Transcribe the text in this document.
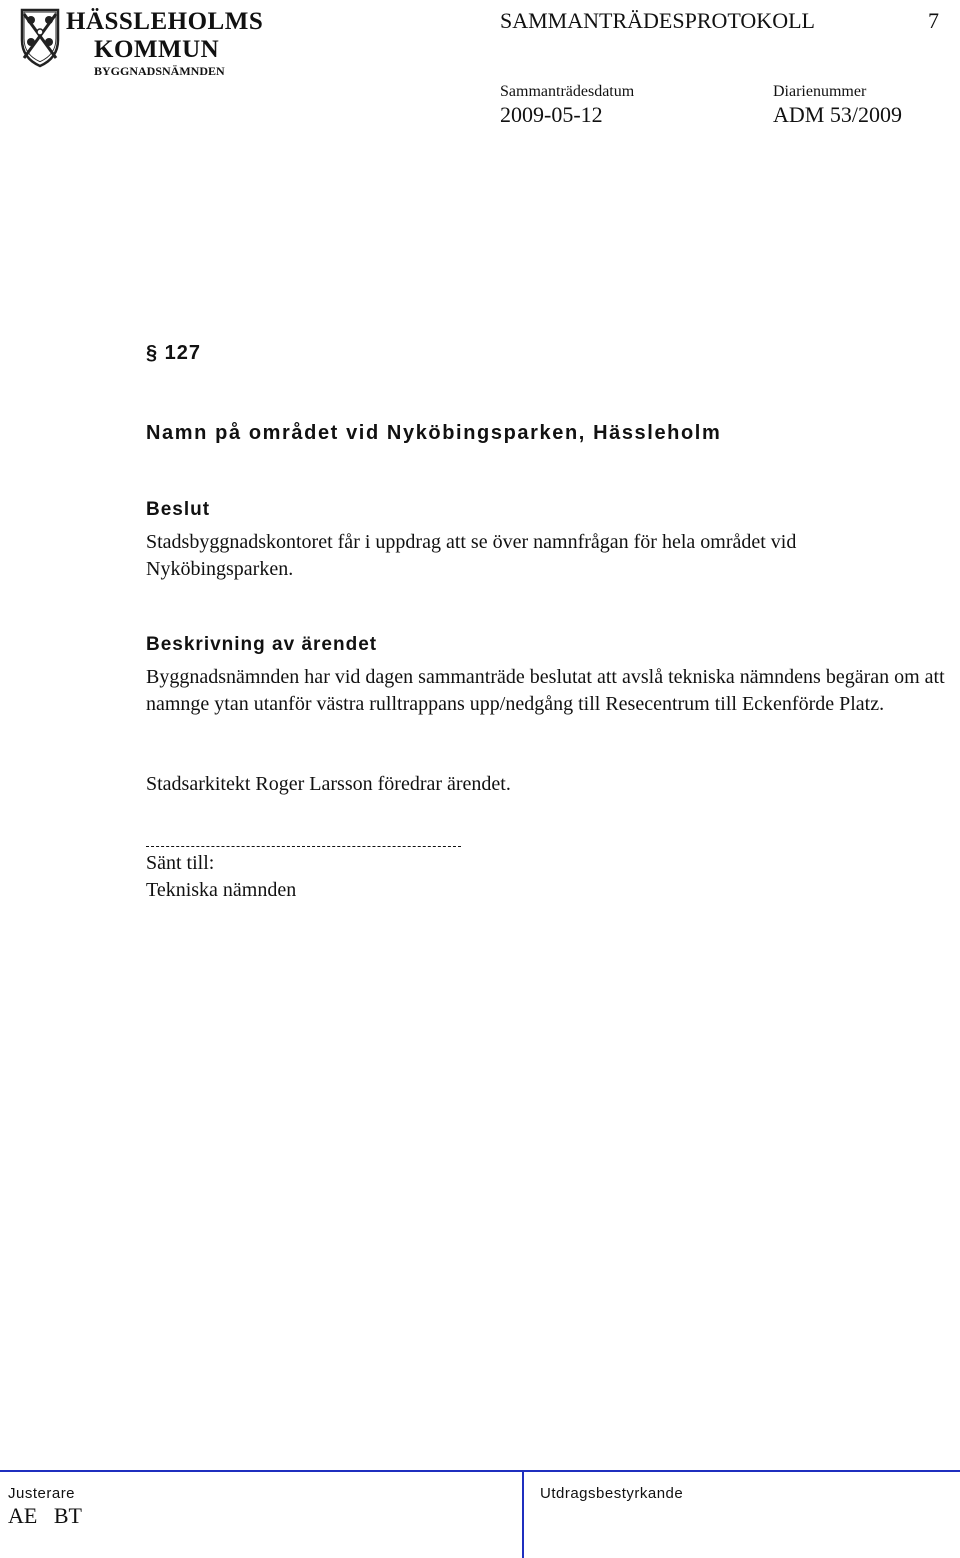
HÄSSLEHOLMS
KOMMUN
BYGGNADSNÄMNDEN
SAMMANTRÄDESPROTOKOLL	7
Sammanträdesdatum	Diarienummer
2009-05-12	ADM 53/2009
§ 127
Namn på området vid Nyköbingsparken, Hässleholm
Beslut
Stadsbyggnadskontoret får i uppdrag att se över namnfrågan för hela området vid Nyköbingsparken.
Beskrivning av ärendet
Byggnadsnämnden har vid dagen sammanträde beslutat att avslå tekniska nämndens begäran om att namnge ytan utanför västra rulltrappans upp/nedgång till Resecentrum till Eckenförde Platz.
Stadsarkitekt Roger Larsson föredrar ärendet.
Sänt till:
Tekniska nämnden
Justerare
AE   BT
Utdragsbestyrkande
